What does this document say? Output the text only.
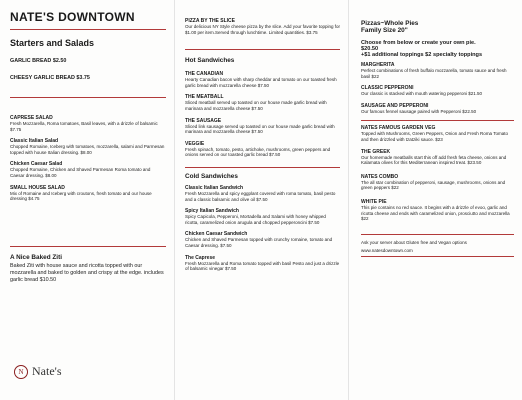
NATE'S DOWNTOWN
Starters and Salads
GARLIC BREAD $2.50
CHEESY GARLIC BREAD $3.75
CAPRESE SALAD
Fresh Mozzarella, Roma tomatoes, Basil leaves, with a drizzle of balsamic $7.75
Classic Italian Salad
Chopped Romaine, Iceberg with tomatoes, mozzarella, salami and Parmesan topped with house Italian dressing. $8.00
Chicken Caesar Salad
Chopped Romaine, Chicken and Shaved Parmesan Roma tomato and Caesar dressing. $8.00
SMALL HOUSE SALAD
Mix of Romaine and Iceberg with croutons, fresh tomato and our house dressing $4.75
A Nice Baked Ziti
Baked Ziti with house sauce and ricotta topped with our mozzarella and baked to golden and crispy at the edge. includes garlic bread $10.50
N Nate's
PIZZA BY THE SLICE
Our delicious NY Style cheese pizza by the slice. Add your favorite topping for $1.00 per item.Served through lunchtime. Limited quantities. $3.75
Hot Sandwiches
THE CANADIAN
Hearty Canadian bacon with sharp cheddar and tomato on our toasted fresh garlic bread with mozzarella cheese $7.50
THE MEATBALL
Sliced meatball served up toasted on our house made garlic bread with marinara and mozzarella cheese $7.50
THE SAUSAGE
Sliced link sausage served up toasted on our house made garlic bread with marinara and mozzarella cheese $7.50
VEGGIE
Fresh spinach, tomato, pesto, artichoke, mushrooms, green peppers and onions served on our toasted garlic bread $7.50
Cold Sandwiches
Classic Italian Sandwich
Fresh Mozzarella and spicy eggplant covered with roma tomato, basil pesto and a classic balsamic and olive oil $7.50
Spicy Italian Sandwich
Spicy Capicola, Pepperoni, Mortadella and Salami with honey whipped ricotta, caramelized onion arugula and chopped pepperoncini $7.50
Chicken Caesar Sandwich
Chicken and Shaved Parmesan topped with crunchy romaine, tomato and Caesar dressing. $7.50
The Caprese
Fresh Mozzarella and Roma tomato topped with basil Pesto and just a drizzle of balsamic vinegar $7.50
Pizzas~Whole Pies
Family Size 20"
Choose from below or create your own pie.
$20.50
+$1 additional toppings $2 specialty toppings
MARGHERITA
Perfect combinations of fresh buffalo mozzarella, tomato sauce and fresh basil $22
CLASSIC PEPPERONI
Our classic is stacked with mouth watering pepperoni $21.50
SAUSAGE AND PEPPERONI
Our famous fennel sausage paired with Pepperoni $22.50
NATES FAMOUS GARDEN VEG
Topped with Mushrooms, Green Peppers, Onion and Fresh Roma Tomato and then drizzled with tzatziki sauce. $23
THE GREEK
Our homemade meatballs start this off add fresh feta cheese, onions and Kalamata olives for this Mediterranean inspired treat. $23.50
NATES COMBO
The all star combination of pepperoni, sausage, mushrooms, onions and green peppers $22
WHITE PIE
This pie contains no red sauce. It begins with a drizzle of evoo, garlic and ricotta cheese and ends with caramelized onion, prosciutto and mozzarella $22
Ask your server about Gluten free and Vegan options
www.natesdowntown.com
